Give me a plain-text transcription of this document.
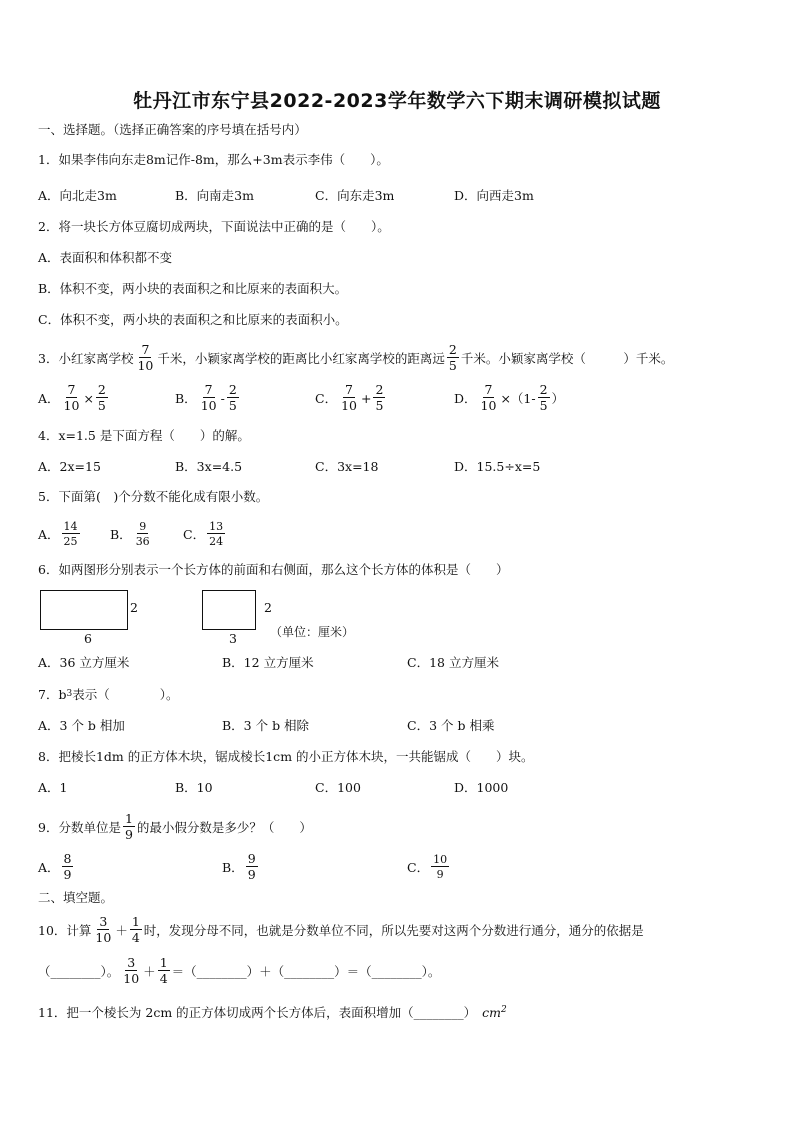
牡丹江市东宁县2022-2023学年数学六下期末调研模拟试题
一、选择题。（选择正确答案的序号填在括号内）
1．如果李伟向东走8m记作-8m，那么+3m表示李伟（　　）。
A．向北走3m	B．向南走3m	C．向东走3m	D．向西走3m
2．将一块长方体豆腐切成两块，下面说法中正确的是（　　）。
A．表面积和体积都不变
B．体积不变，两小块的表面积之和比原来的表面积大。
C．体积不变，两小块的表面积之和比原来的表面积小。
3．小红家离学校 $\frac{7}{10}$ 千米，小颖家离学校的距离比小红家离学校的距离远 $\frac{2}{5}$ 千米。小颖家离学校（　　　）千米。
A． $\frac{7}{10} \times \frac{2}{5}$	B． $\frac{7}{10} - \frac{2}{5}$	C． $\frac{7}{10} + \frac{2}{5}$	D． $\frac{7}{10} \times(1- \frac{2}{5}$ ）
4．x=1.5 是下面方程（　　）的解。
A．2x=15	B．3x=4.5	C．3x=18	D．15.5÷x=5
5．下面第(　)个分数不能化成有限小数。
A． $\frac{14}{25}$ B． $\frac{9}{36}$	C． $\frac{13}{24}$
6．如两图形分别表示一个长方体的前面和右侧面，那么这个长方体的体积是（　　）
2
6
2
3	（单位：厘米）
A．36 立方厘米	B．12 立方厘米	C．18 立方厘米
7．b 3 表示（　　　　）。
A．3 个 b 相加	B．3 个 b 相除	C．3 个 b 相乘
8．把棱长1dm 的正方体木块，锯成棱长1cm 的小正方体木块，一共能锯成（　　）块。
A．1	B．10	C．100	D．1000
9．分数单位是 $\frac{1}{9}$ 的最小假分数是多少？（　　）
A． $\frac{8}{9}$	B． $\frac{9}{9}$	C． $\frac{10}{9}$
二、填空题。
10．计算 $\frac{3}{10} + \frac{1}{4}$ 时，发现分母不同，也就是分数单位不同，所以先要对这两个分数进行通分，通分的依据是
（________）。 $\frac{3}{10} + \frac{1}{4}$ ＝（________）＋（________）＝（________）。
11．把一个棱长为 2cm 的正方体切成两个长方体后，表面积增加（________） $cm^2$
